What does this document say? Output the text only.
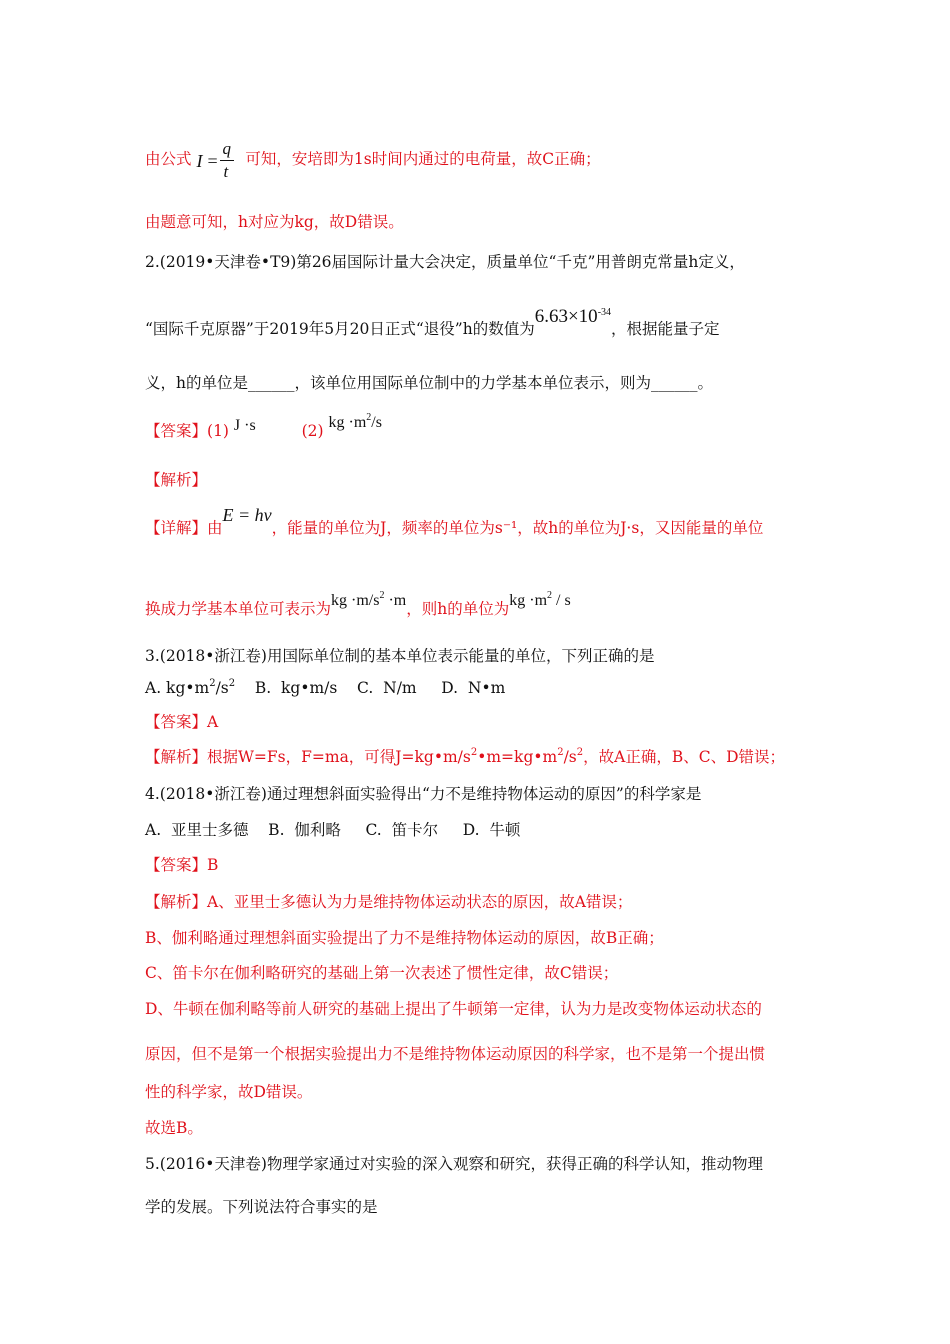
由公式 I =
q
t
可知，安培即为1s时间内通过的电荷量，故C正确；
由题意可知，h对应为kg，故D错误。
2.(2019•天津卷•T9)第26届国际计量大会决定，质量单位“千克”用普朗克常量h定义，
“国际千克原器”于2019年5月20日正式“退役”h的数值为$6.63\times 10^{-34}$，根据能量子定
义，h的单位是______，该单位用国际单位制中的力学基本单位表示，则为______。
【答案】(1) J ·s	(2) kg $\cdot m^2/s$
【解析】
【详解】由E = hν，能量的单位为J，频率的单位为s⁻¹，故h的单位为J·s，又因能量的单位
换成力学基本单位可表示为kg $\cdot m/s^2 \cdot m$，则h的单位为kg $\cdot m^2 / s$
3.(2018•浙江卷)用国际单位制的基本单位表示能量的单位，下列正确的是
A. $kg•m^2/s^2$    B.  kg•m/s    C.  N/m     D.  N•m
【答案】A
【解析】根据W=Fs，F=ma，可得$J=kg•m/s^2•m=kg•m^2/s^2$，故A正确，B、C、D错误；
4.(2018•浙江卷)通过理想斜面实验得出“力不是维持物体运动的原因”的科学家是
A.  亚里士多德    B.  伽利略     C.  笛卡尔     D.  牛顿
【答案】B
【解析】A、亚里士多德认为力是维持物体运动状态的原因，故A错误；
B、伽利略通过理想斜面实验提出了力不是维持物体运动的原因，故B正确；
C、笛卡尔在伽利略研究的基础上第一次表述了惯性定律，故C错误；
D、牛顿在伽利略等前人研究的基础上提出了牛顿第一定律，认为力是改变物体运动状态的
原因，但不是第一个根据实验提出力不是维持物体运动原因的科学家，也不是第一个提出惯
性的科学家，故D错误。
故选B。
5.(2016•天津卷)物理学家通过对实验的深入观察和研究，获得正确的科学认知，推动物理
学的发展。下列说法符合事实的是
